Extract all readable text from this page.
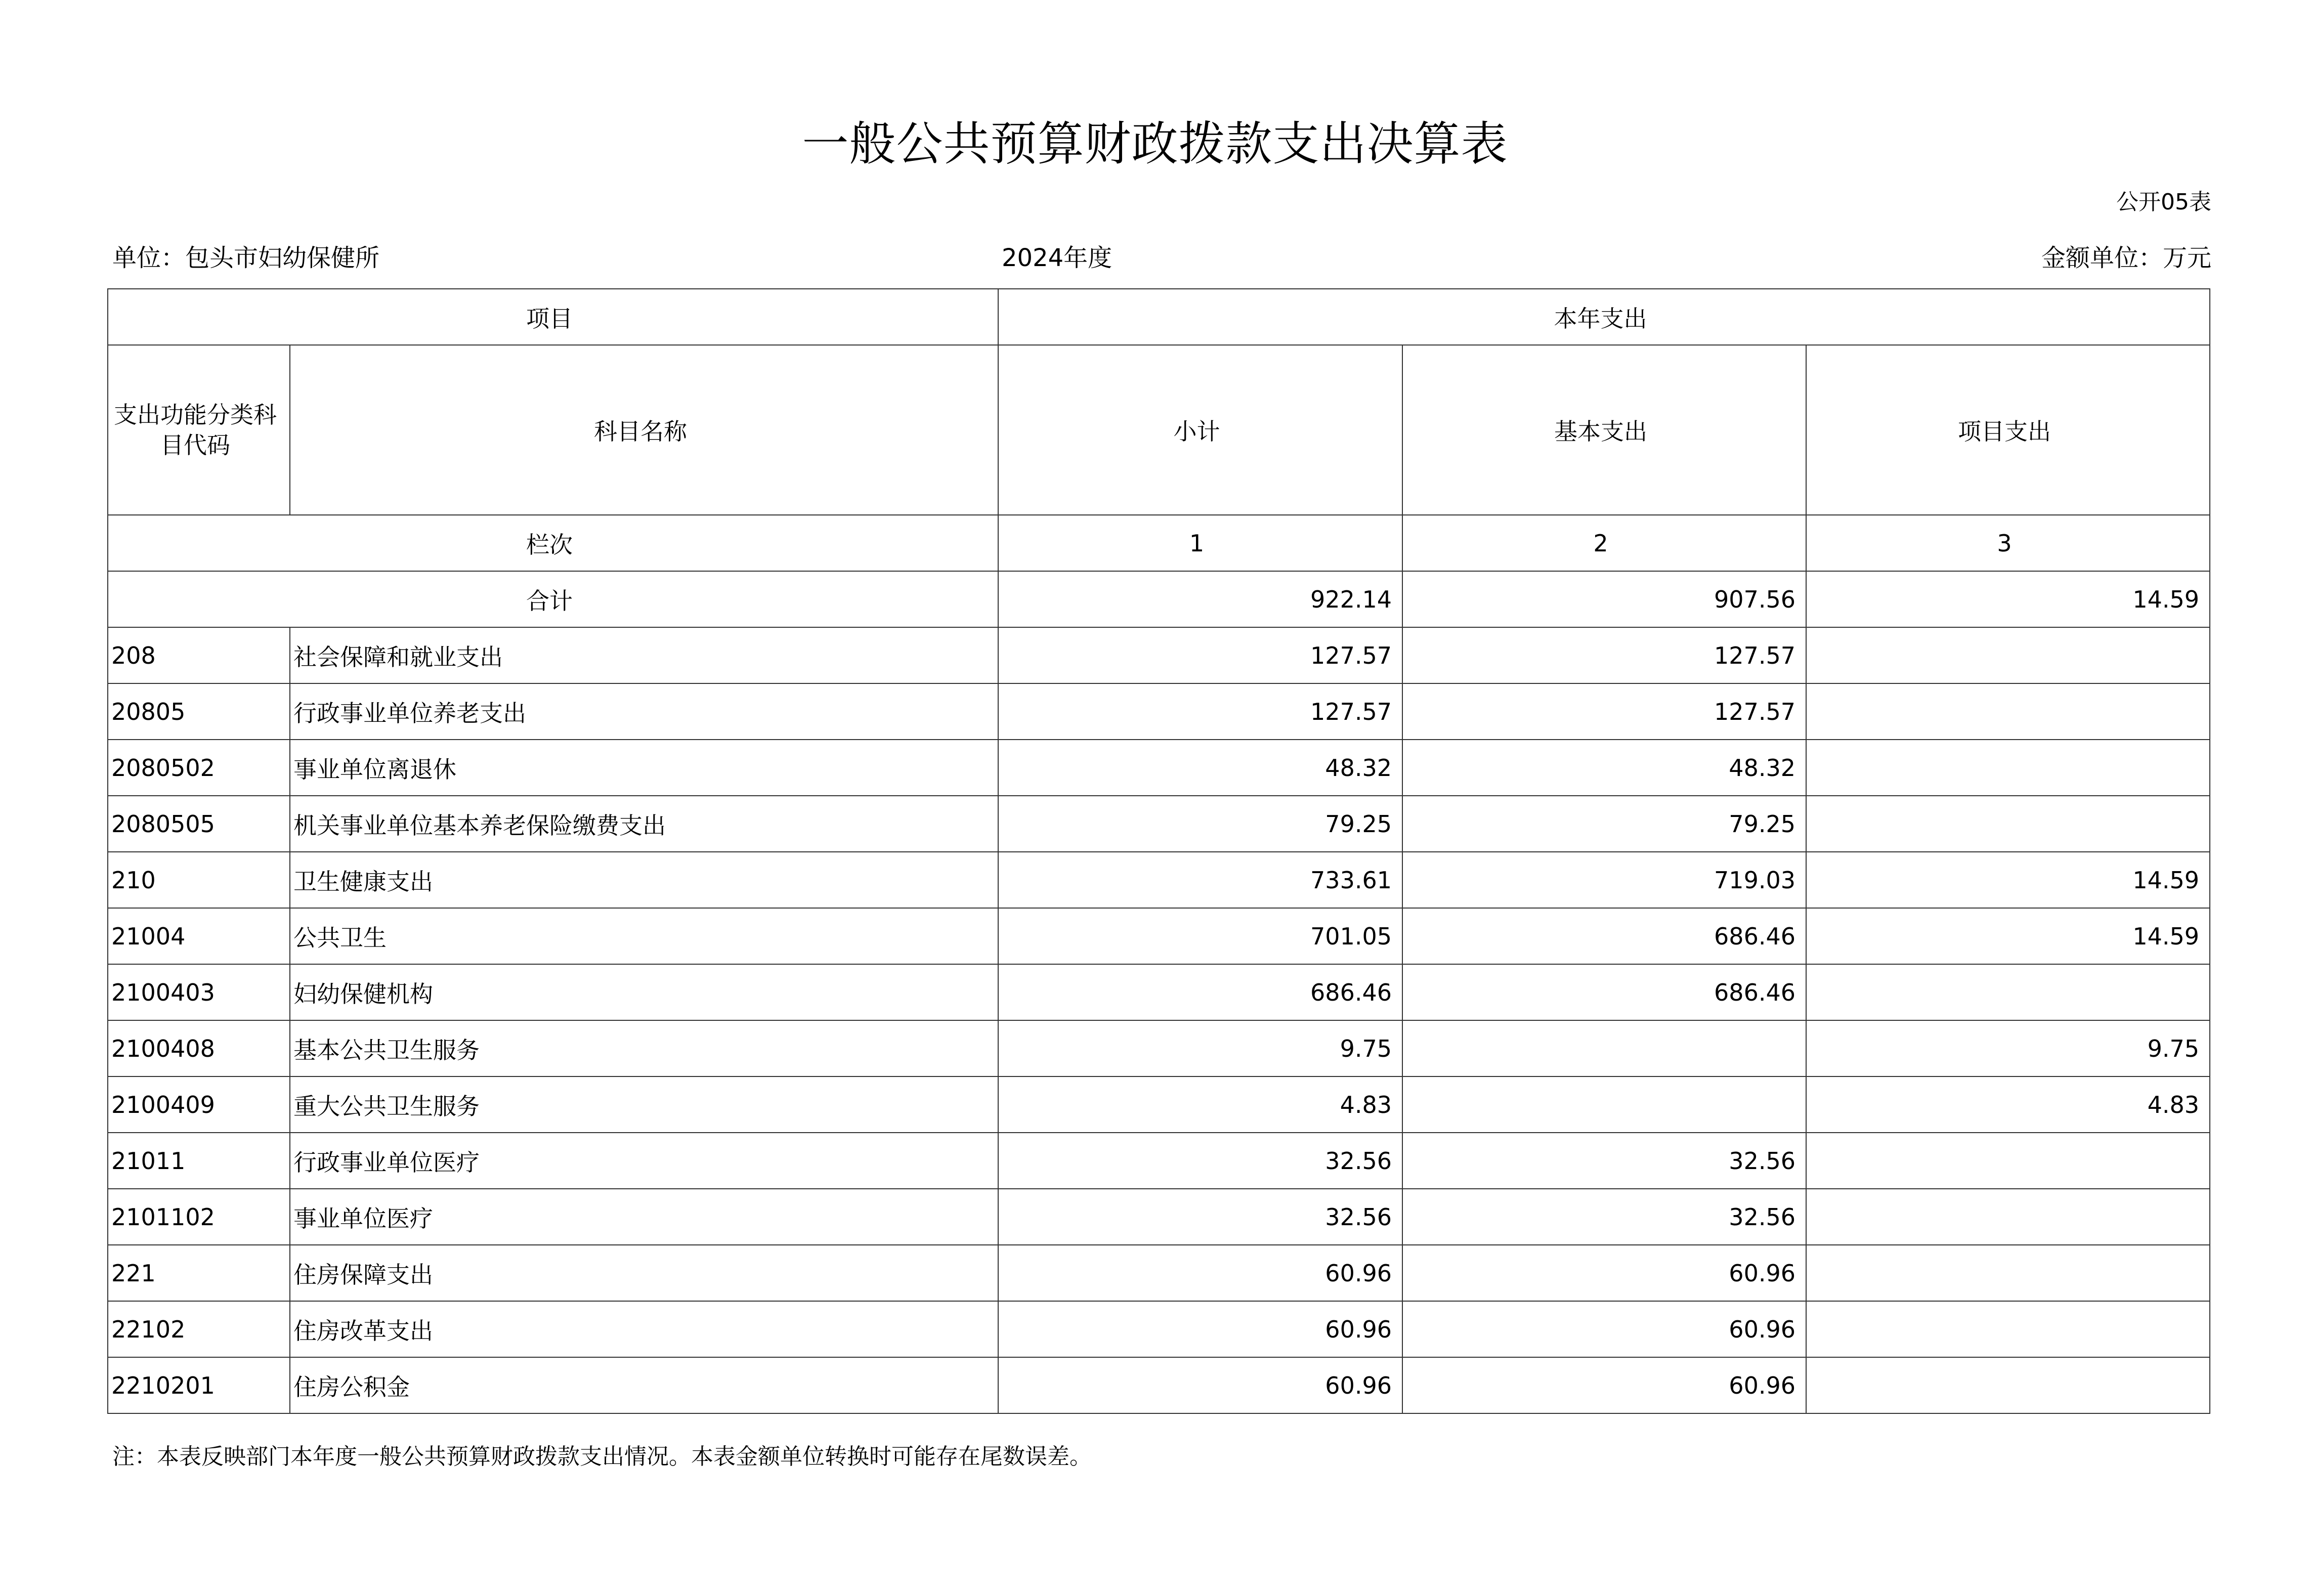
一般公共预算财政拨款支出决算表
公开05表
单位：包头市妇幼保健所	2024年度	金额单位：万元
项目		本年支出		
支出功能分类科目代码	科目名称	小计	基本支出	项目支出
栏次		1	2	3
合计		922.14	907.56	14.59
208	社会保障和就业支出	127.57	127.57	
20805	行政事业单位养老支出	127.57	127.57	
2080502	事业单位离退休	48.32	48.32	
2080505	机关事业单位基本养老保险缴费支出	79.25	79.25	
210	卫生健康支出	733.61	719.03	14.59
21004	公共卫生	701.05	686.46	14.59
2100403	妇幼保健机构	686.46	686.46	
2100408	基本公共卫生服务	9.75		9.75
2100409	重大公共卫生服务	4.83		4.83
21011	行政事业单位医疗	32.56	32.56	
2101102	事业单位医疗	32.56	32.56	
221	住房保障支出	60.96	60.96	
22102	住房改革支出	60.96	60.96	
2210201	住房公积金	60.96	60.96	
注：本表反映部门本年度一般公共预算财政拨款支出情况。本表金额单位转换时可能存在尾数误差。
